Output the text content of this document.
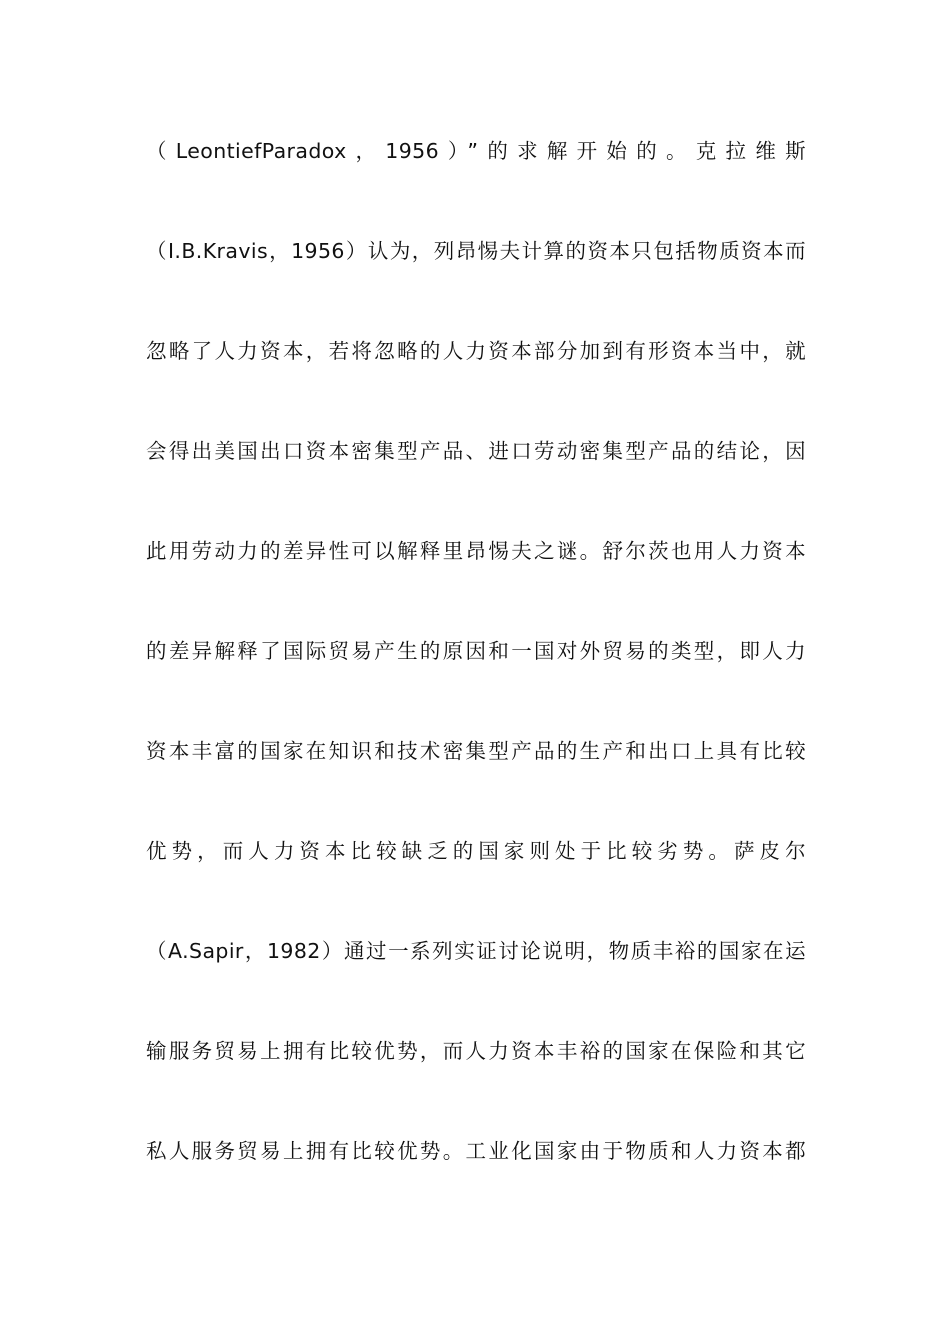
（LeontiefParadox，1956）”的求解开始的。克拉维斯
（I.B.Kravis，1956）认为，列昂惕夫计算的资本只包括物质资本而
忽略了人力资本，若将忽略的人力资本部分加到有形资本当中，就
会得出美国出口资本密集型产品、进口劳动密集型产品的结论，因
此用劳动力的差异性可以解释里昂惕夫之谜。舒尔茨也用人力资本
的差异解释了国际贸易产生的原因和一国对外贸易的类型，即人力
资本丰富的国家在知识和技术密集型产品的生产和出口上具有比较
优势，而人力资本比较缺乏的国家则处于比较劣势。萨皮尔
（A.Sapir，1982）通过一系列实证讨论说明，物质丰裕的国家在运
输服务贸易上拥有比较优势，而人力资本丰裕的国家在保险和其它
私人服务贸易上拥有比较优势。工业化国家由于物质和人力资本都
